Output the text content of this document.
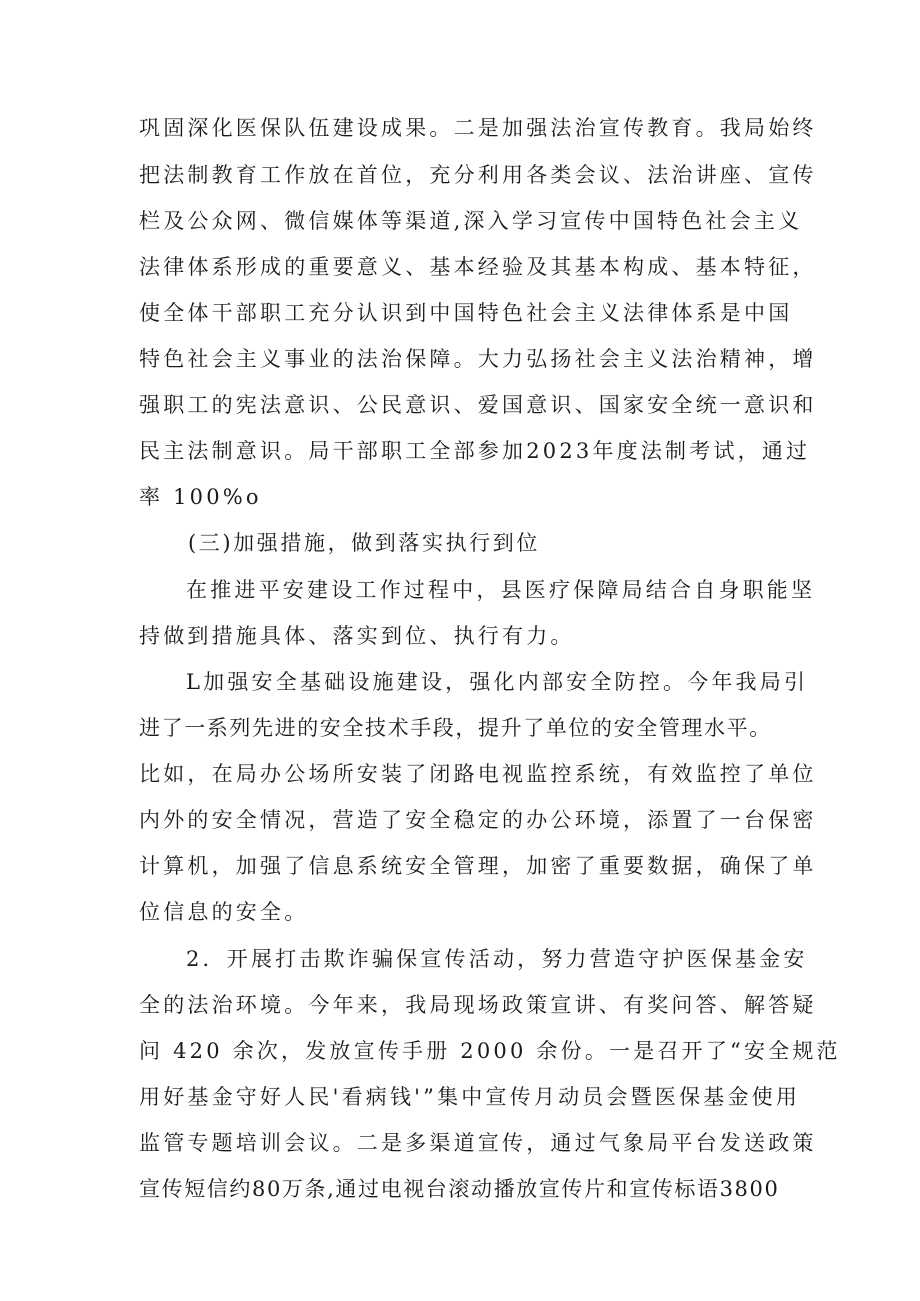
巩固深化医保队伍建设成果。二是加强法治宣传教育。我局始终
把法制教育工作放在首位，充分利用各类会议、法治讲座、宣传
栏及公众网、微信媒体等渠道,深入学习宣传中国特色社会主义
法律体系形成的重要意义、基本经验及其基本构成、基本特征，
使全体干部职工充分认识到中国特色社会主义法律体系是中国
特色社会主义事业的法治保障。大力弘扬社会主义法治精神，增
强职工的宪法意识、公民意识、爱国意识、国家安全统一意识和
民主法制意识。局干部职工全部参加2023年度法制考试，通过
率 100%o
(三)加强措施，做到落实执行到位
在推进平安建设工作过程中，县医疗保障局结合自身职能坚
持做到措施具体、落实到位、执行有力。
L加强安全基础设施建设，强化内部安全防控。今年我局引
进了一系列先进的安全技术手段，提升了单位的安全管理水平。
比如，在局办公场所安装了闭路电视监控系统，有效监控了单位
内外的安全情况，营造了安全稳定的办公环境，添置了一台保密
计算机，加强了信息系统安全管理，加密了重要数据，确保了单
位信息的安全。
2．开展打击欺诈骗保宣传活动，努力营造守护医保基金安
全的法治环境。今年来，我局现场政策宣讲、有奖问答、解答疑
问 420 余次，发放宣传手册 2000 余份。一是召开了“安全规范
用好基金守好人民'看病钱'”集中宣传月动员会暨医保基金使用
监管专题培训会议。二是多渠道宣传，通过气象局平台发送政策
宣传短信约80万条,通过电视台滚动播放宣传片和宣传标语3800
